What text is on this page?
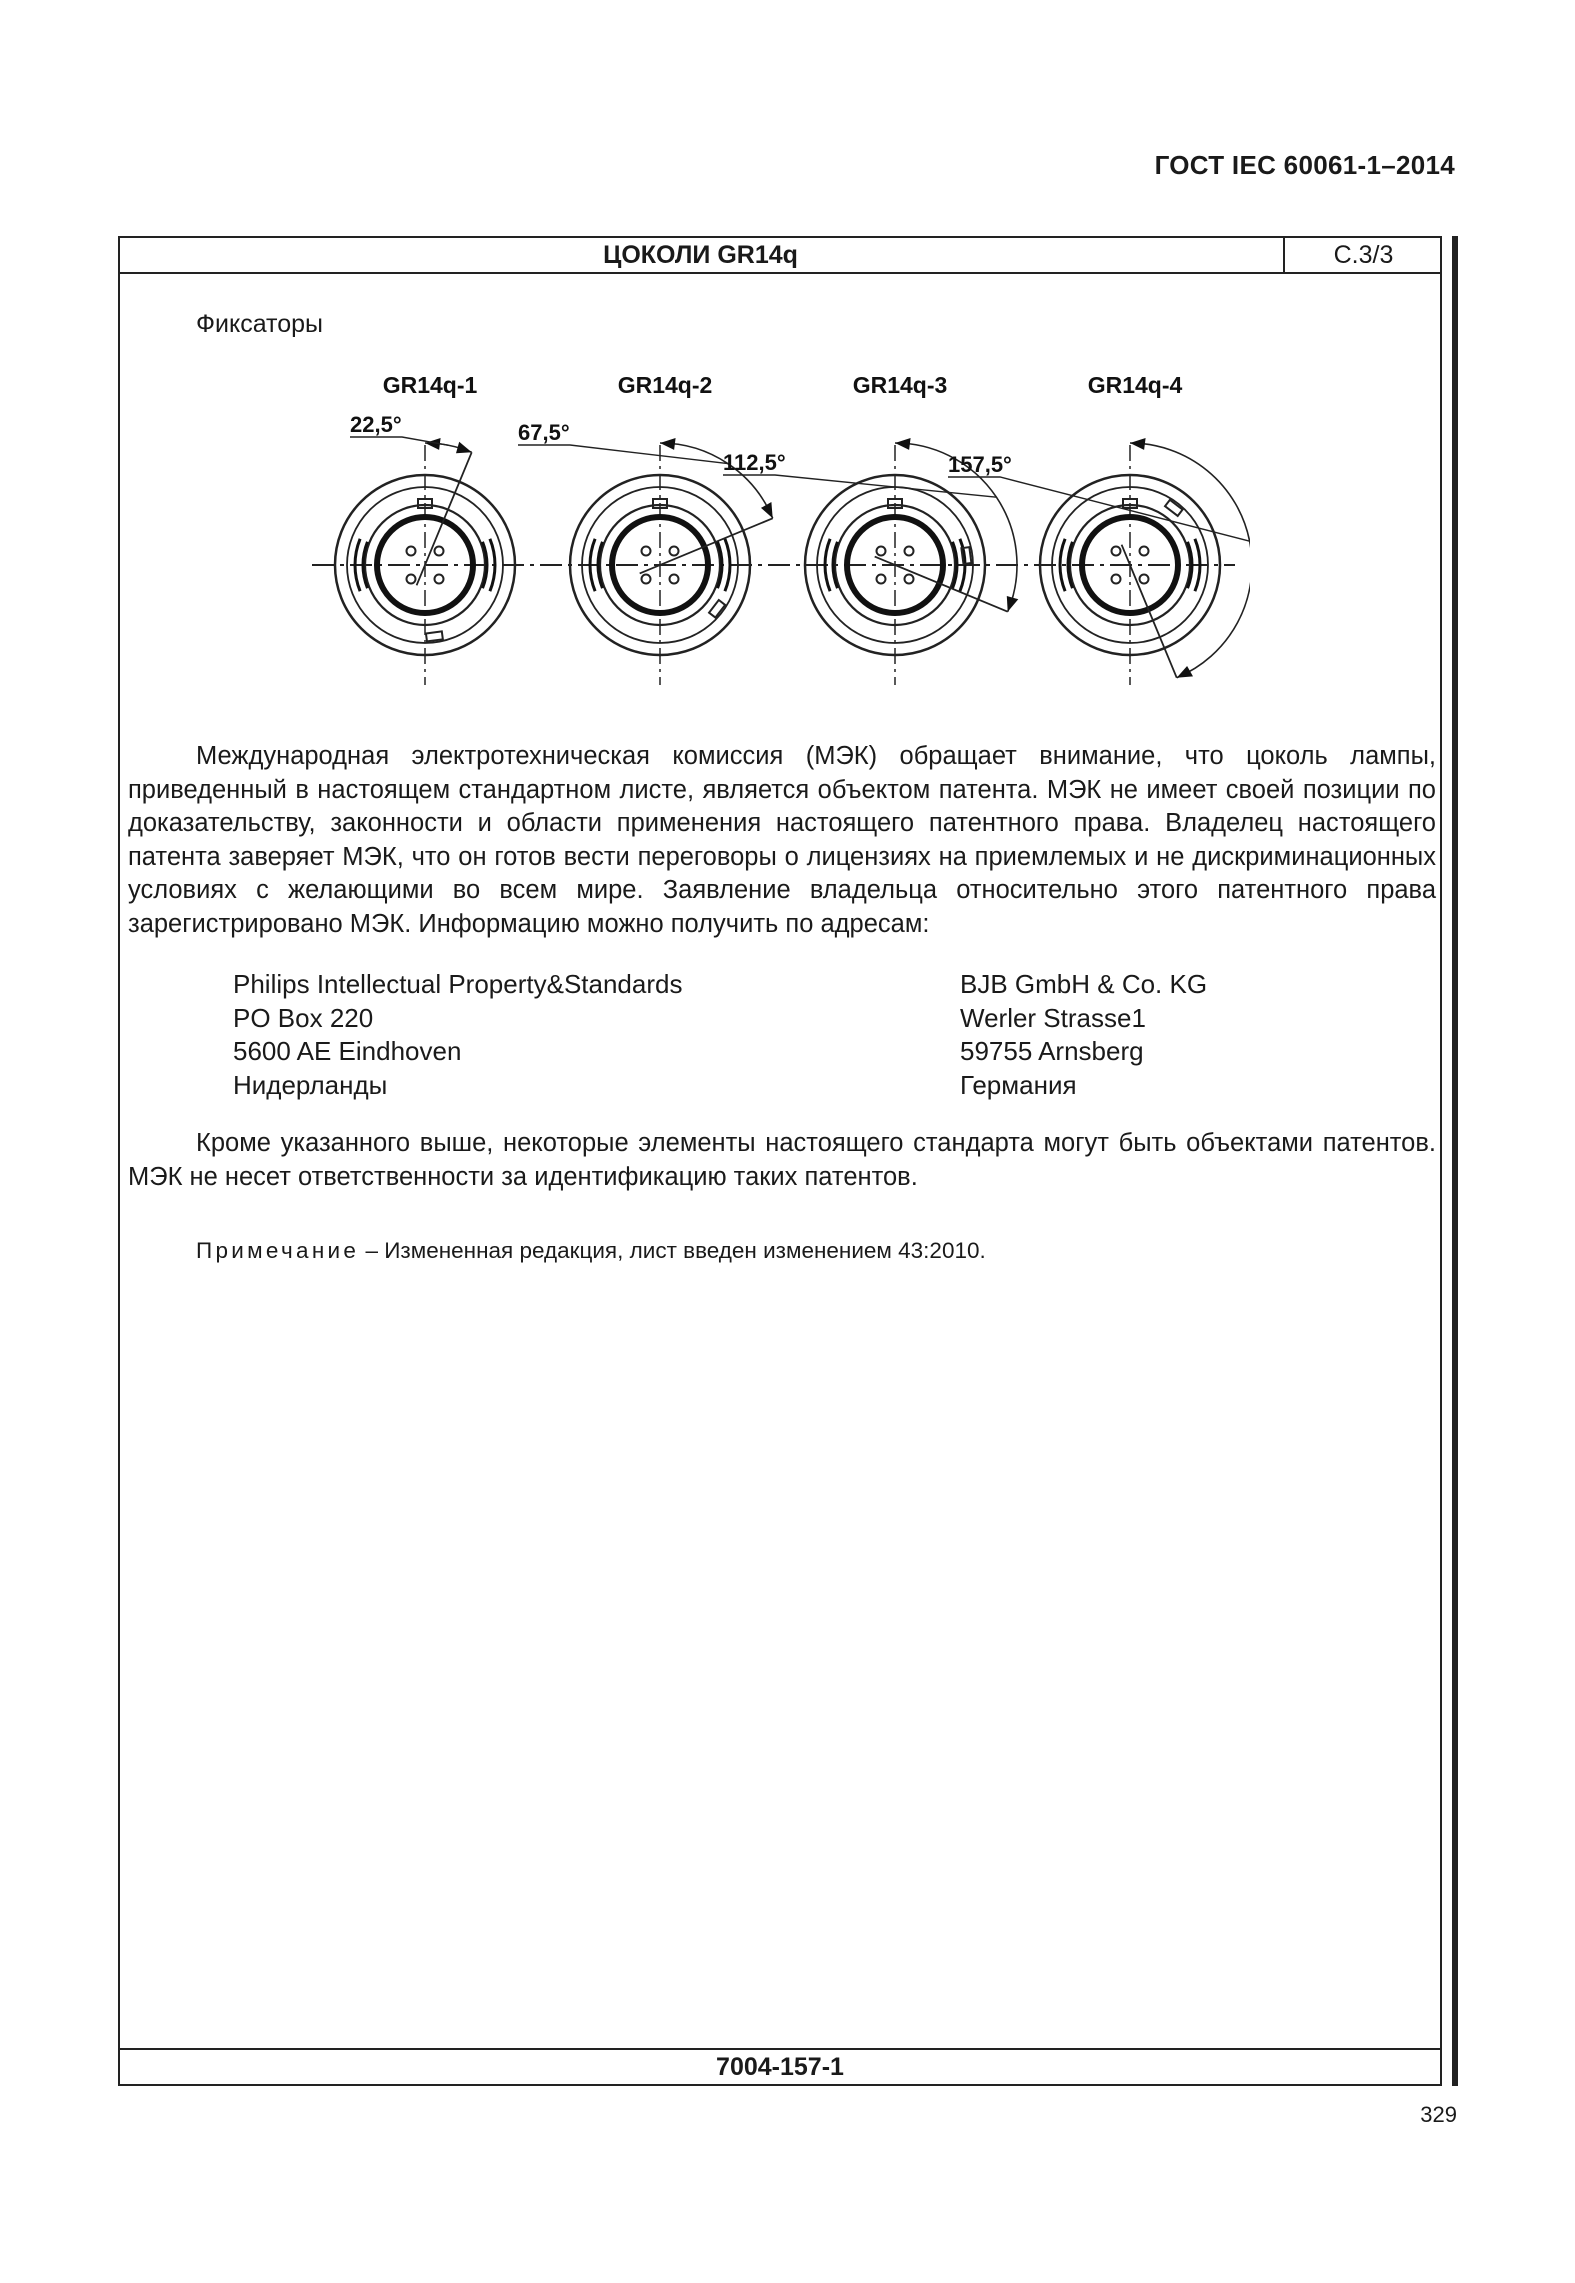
ГОСТ IEC 60061-1–2014
ЦОКОЛИ GR14q	С.3/3
Фиксаторы
GR14q-1
22,5°
GR14q-2
67,5°
GR14q-3
112,5°
GR14q-4
157,5°

Международная электротехническая комиссия (МЭК) обращает внимание, что цоколь лампы, приведенный в настоящем стандартном листе, является объектом патента. МЭК не имеет своей позиции по доказательству, законности и области применения настоящего патентного права. Владелец настоящего патента заверяет МЭК, что он готов вести переговоры о лицензиях на приемлемых и не дискриминационных условиях с желающими во всем мире. Заявление владельца относительно этого патентного права зарегистрировано МЭК. Информацию можно получить по адресам:

Philips Intellectual Property&Standards
PO Box 220
5600 AE Eindhoven
Нидерланды
BJB GmbH & Co. KG
Werler Strasse1
59755 Arnsberg
Германия

Кроме указанного выше, некоторые элементы настоящего стандарта могут быть объектами патентов. МЭК не несет ответственности за идентификацию таких патентов.

Примечание – Измененная редакция, лист введен изменением 43:2010.
7004-157-1
329
